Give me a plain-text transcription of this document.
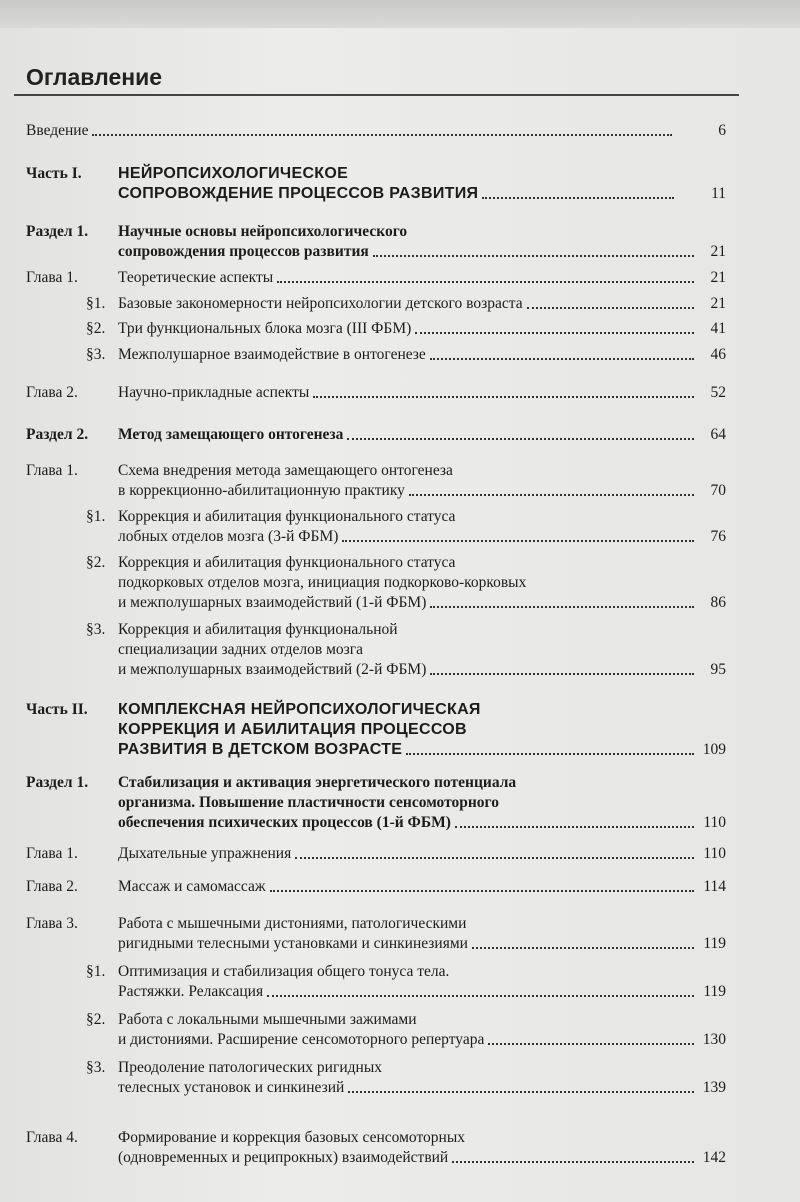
Оглавление
Введение	6
Часть I. НЕЙРОПСИХОЛОГИЧЕСКОЕ
СОПРОВОЖДЕНИЕ ПРОЦЕССОВ РАЗВИТИЯ	11
Раздел 1. Научные основы нейропсихологического
сопровождения процессов развития	21
Глава 1.	Теоретические аспекты	21
§1. Базовые закономерности нейропсихологии детского возраста	21
§2. Три функциональных блока мозга (III ФБМ)	41
§3. Межполушарное взаимодействие в онтогенезе	46
Глава 2.	Научно-прикладные аспекты	52
Раздел 2. Метод замещающего онтогенеза	64
Глава 1.	Схема внедрения метода замещающего онтогенеза
в коррекционно-абилитационную практику	70
§1. Коррекция и абилитация функционального статуса
лобных отделов мозга (3-й ФБМ)	76
§2. Коррекция и абилитация функционального статуса
подкорковых отделов мозга, инициация подкорково-корковых
и межполушарных взаимодействий (1-й ФБМ)	86
§3. Коррекция и абилитация функциональной
специализации задних отделов мозга
и межполушарных взаимодействий (2-й ФБМ)	95
Часть II. КОМПЛЕКСНАЯ НЕЙРОПСИХОЛОГИЧЕСКАЯ
КОРРЕКЦИЯ И АБИЛИТАЦИЯ ПРОЦЕССОВ
РАЗВИТИЯ В ДЕТСКОМ ВОЗРАСТЕ	109
Раздел 1. Стабилизация и активация энергетического потенциала
организма. Повышение пластичности сенсомоторного
обеспечения психических процессов (1-й ФБМ)	110
Глава 1.	Дыхательные упражнения	110
Глава 2.	Массаж и самомассаж	114
Глава 3.	Работа с мышечными дистониями, патологическими
ригидными телесными установками и синкинезиями	119
§1. Оптимизация и стабилизация общего тонуса тела.
Растяжки. Релаксация	119
§2. Работа с локальными мышечными зажимами
и дистониями. Расширение сенсомоторного репертуара	130
§3. Преодоление патологических ригидных
телесных установок и синкинезий	139
Глава 4.	Формирование и коррекция базовых сенсомоторных
(одновременных и реципрокных) взаимодействий	142
